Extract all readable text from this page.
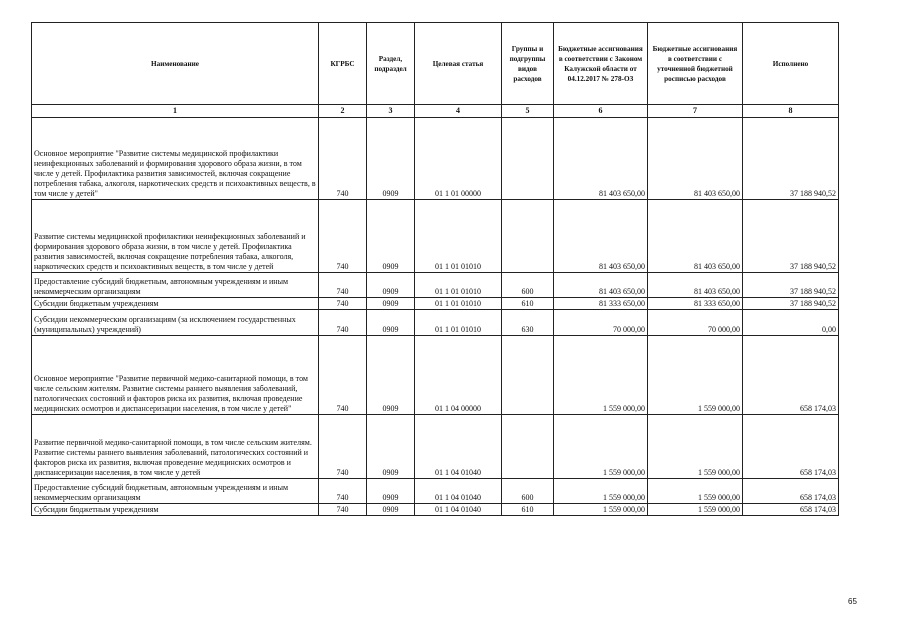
Наименование	КГРБС	Раздел, подраздел	Целевая статья	Группы и подгруппы видов расходов	Бюджетные ассигнования в соответствии с Законом Калужской области от 04.12.2017 № 278-ОЗ	Бюджетные ассигнования в соответствии с уточненной бюджетной росписью расходов	Исполнено
1	2	3	4	5	6	7	8
Основное мероприятие "Развитие системы медицинской профилактики неинфекционных заболеваний и формирования здорового образа жизни, в том числе у детей. Профилактика развития зависимостей, включая сокращение потребления табака, алкоголя, наркотических средств и психоактивных веществ, в том числе у детей"	740	0909	01 1 01 00000		81 403 650,00	81 403 650,00	37 188 940,52
Развитие системы медицинской профилактики неинфекционных заболеваний и формирования здорового образа жизни, в том числе у детей. Профилактика развития зависимостей, включая сокращение потребления табака, алкоголя, наркотических средств и психоактивных веществ, в том числе у детей	740	0909	01 1 01 01010		81 403 650,00	81 403 650,00	37 188 940,52
Предоставление субсидий бюджетным, автономным учреждениям и иным некоммерческим организациям	740	0909	01 1 01 01010	600	81 403 650,00	81 403 650,00	37 188 940,52
Субсидии бюджетным учреждениям	740	0909	01 1 01 01010	610	81 333 650,00	81 333 650,00	37 188 940,52
Субсидии некоммерческим организациям (за исключением государственных (муниципальных) учреждений)	740	0909	01 1 01 01010	630	70 000,00	70 000,00	0,00
Основное мероприятие "Развитие первичной медико-санитарной помощи, в том числе сельским жителям. Развитие системы раннего выявления заболеваний, патологических состояний и факторов риска их развития, включая проведение медицинских осмотров и диспансеризации населения, в том числе у детей"	740	0909	01 1 04 00000		1 559 000,00	1 559 000,00	658 174,03
Развитие первичной медико-санитарной помощи, в том числе сельским жителям. Развитие системы раннего выявления заболеваний, патологических состояний и факторов риска их развития, включая проведение медицинских осмотров и диспансеризации населения, в том числе у детей	740	0909	01 1 04 01040		1 559 000,00	1 559 000,00	658 174,03
Предоставление субсидий бюджетным, автономным учреждениям и иным некоммерческим организациям	740	0909	01 1 04 01040	600	1 559 000,00	1 559 000,00	658 174,03
Субсидии бюджетным учреждениям	740	0909	01 1 04 01040	610	1 559 000,00	1 559 000,00	658 174,03
65
